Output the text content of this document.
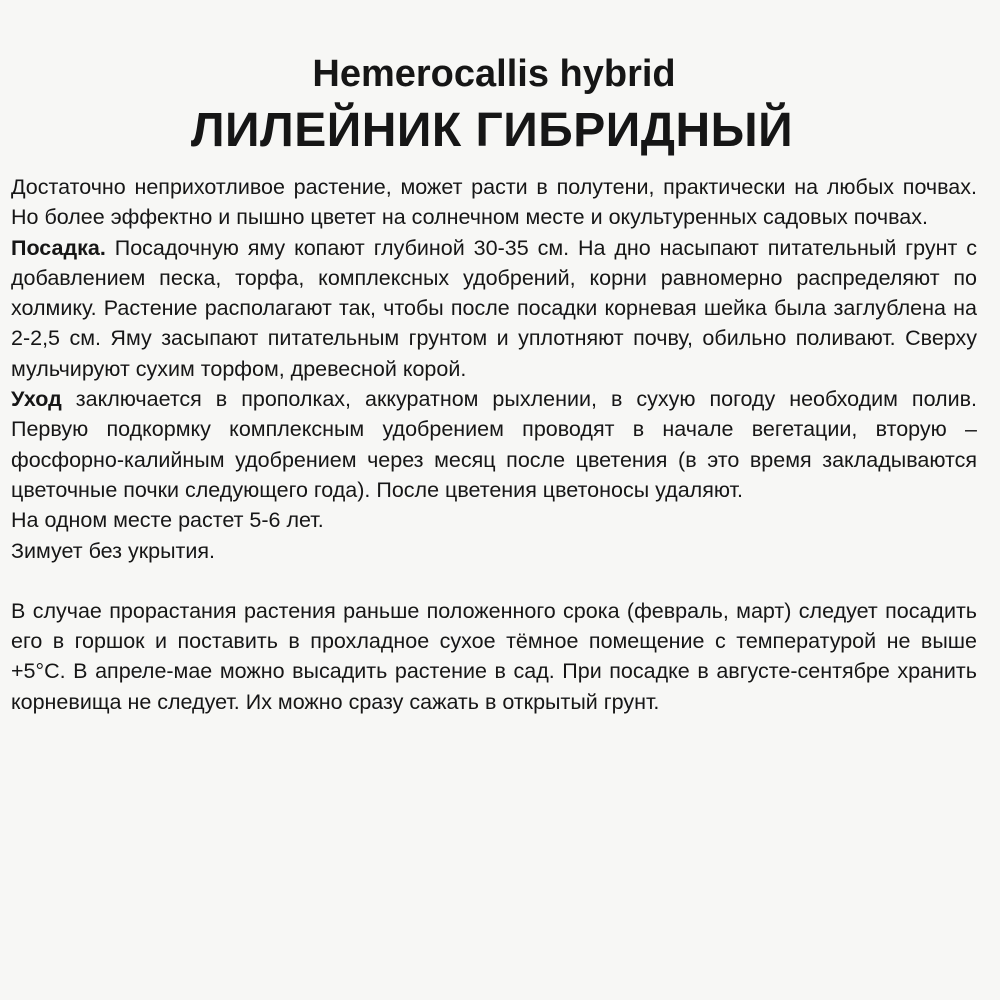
Hemerocallis hybrid
ЛИЛЕЙНИК ГИБРИДНЫЙ

Достаточно неприхотливое растение, может расти в полутени, практически на любых почвах. Но более эффектно и пышно цветет на солнечном месте и окультуренных садовых почвах.

Посадка. Посадочную яму копают глубиной 30-35 см. На дно насыпают питательный грунт с добавлением песка, торфа, комплексных удобрений, корни равномерно распределяют по холмику. Растение располагают так, чтобы после посадки корневая шейка была заглублена на 2-2,5 см. Яму засыпают питательным грунтом и уплотняют почву, обильно поливают. Сверху мульчируют сухим торфом, древесной корой.

Уход заключается в прополках, аккуратном рыхлении, в сухую погоду необходим полив. Первую подкормку комплексным удобрением проводят в начале вегетации, вторую – фосфорно-калийным удобрением через месяц после цветения (в это время закладываются цветочные почки следующего года). После цветения цветоносы удаляют.

На одном месте растет 5-6 лет.

Зимует без укрытия.

В случае прорастания растения раньше положенного срока (февраль, март) следует посадить его в горшок и поставить в прохладное сухое тёмное помещение с температурой не выше +5°С. В апреле-мае можно высадить растение в сад. При посадке в августе-сентябре хранить корневища не следует. Их можно сразу сажать в открытый грунт.
